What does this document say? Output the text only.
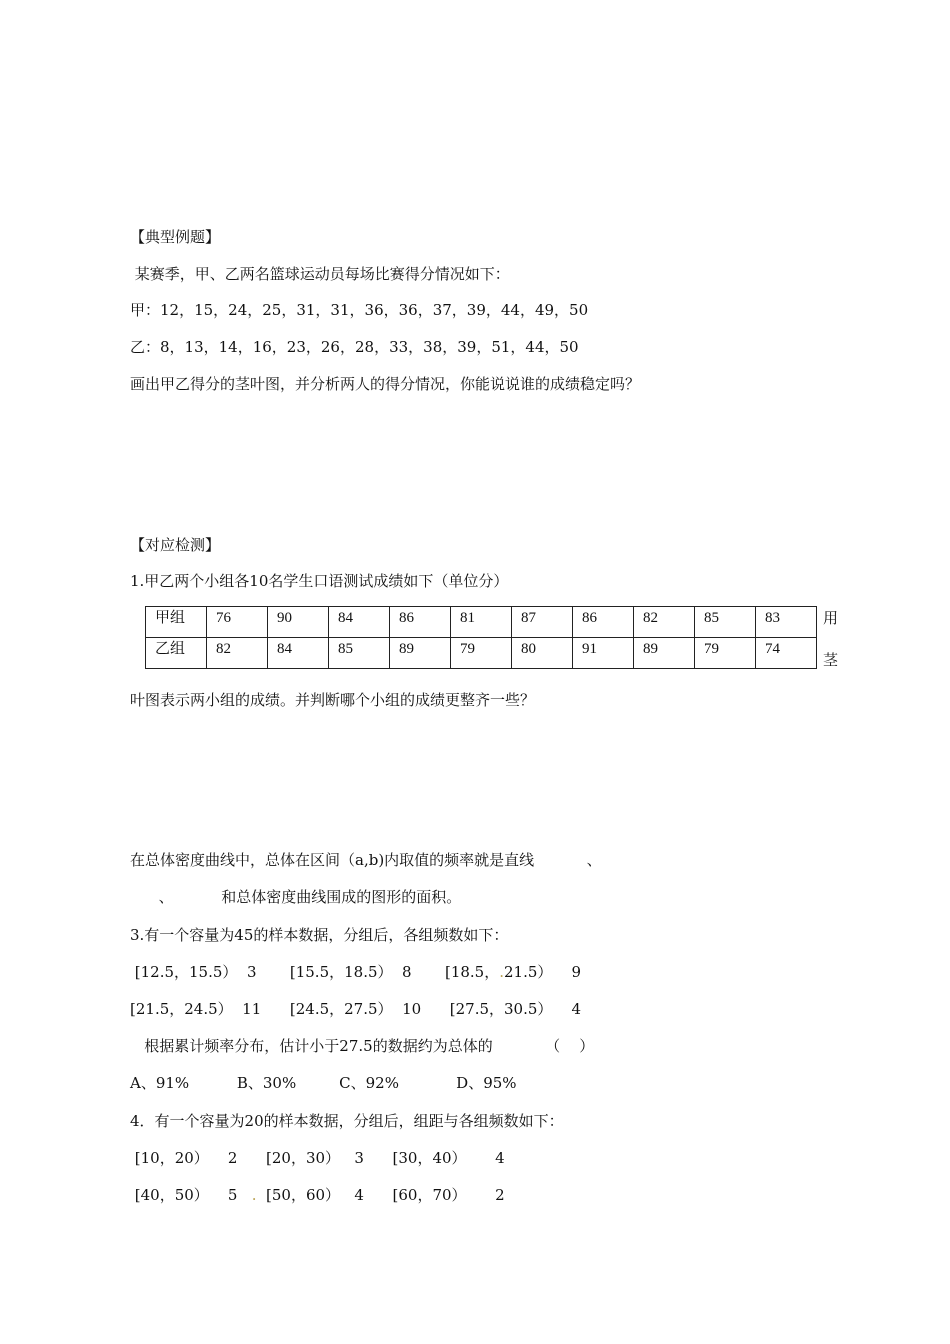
【典型例题】
某赛季，甲、乙两名篮球运动员每场比赛得分情况如下：
甲：12，15，24，25，31，31，36，36，37，39，44，49，50
乙：8，13，14，16，23，26，28，33，38，39，51，44，50
画出甲乙得分的茎叶图，并分析两人的得分情况，你能说说谁的成绩稳定吗？
【对应检测】
1.甲乙两个小组各10名学生口语测试成绩如下（单位分）
甲组	76	90	84	86	81	87	86	82	85	83
乙组	82	84	85	89	79	80	91	89	79	74
用
茎
叶图表示两小组的成绩。并判断哪个小组的成绩更整齐一些？
在总体密度曲线中，总体在区间（a,b)内取值的频率就是直线           、
、          和总体密度曲线围成的图形的面积。
3.有一个容量为45的样本数据，分组后，各组频数如下：
[12.5，15.5）  3       [15.5，18.5）  8       [18.5，.21.5）    9
[21.5，24.5）  11      [24.5，27.5）  10      [27.5，30.5）    4
根据累计频率分布，估计小于27.5的数据约为总体的           （    ）
A、91%          B、30%         C、92%            D、95%
4．有一个容量为20的样本数据，分组后，组距与各组频数如下：
[10，20）    2      [20，30）   3      [30，40）      4
[40，50）    5   .  [50，60）   4      [60，70）      2
